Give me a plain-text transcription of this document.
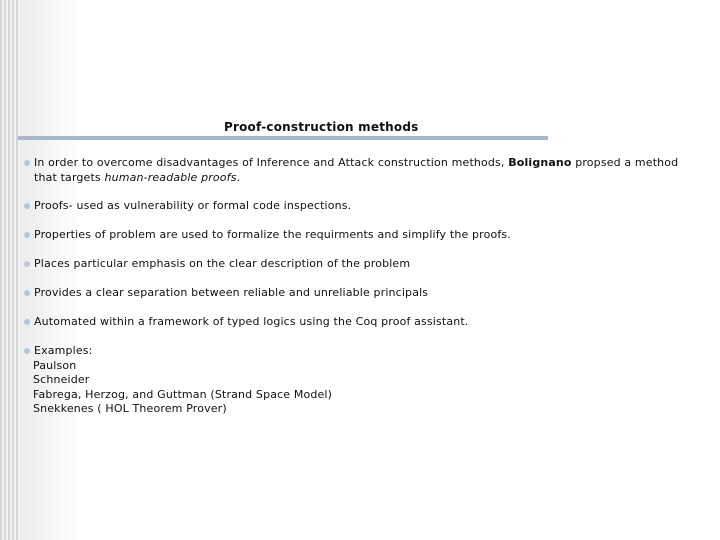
Proof-construction methods
In order to overcome disadvantages of Inference and Attack construction methods, Bolignano propsed a method that targets human-readable proofs.
Proofs- used as vulnerability or formal code inspections.
Properties of problem are used to formalize the requirments and simplify the proofs.
Places particular emphasis on the clear description of the problem
Provides a clear separation between reliable and unreliable principals
Automated within a framework of typed logics using the Coq proof assistant.
Examples:
Paulson
Schneider
Fabrega, Herzog, and Guttman (Strand Space Model)
Snekkenes ( HOL Theorem Prover)
